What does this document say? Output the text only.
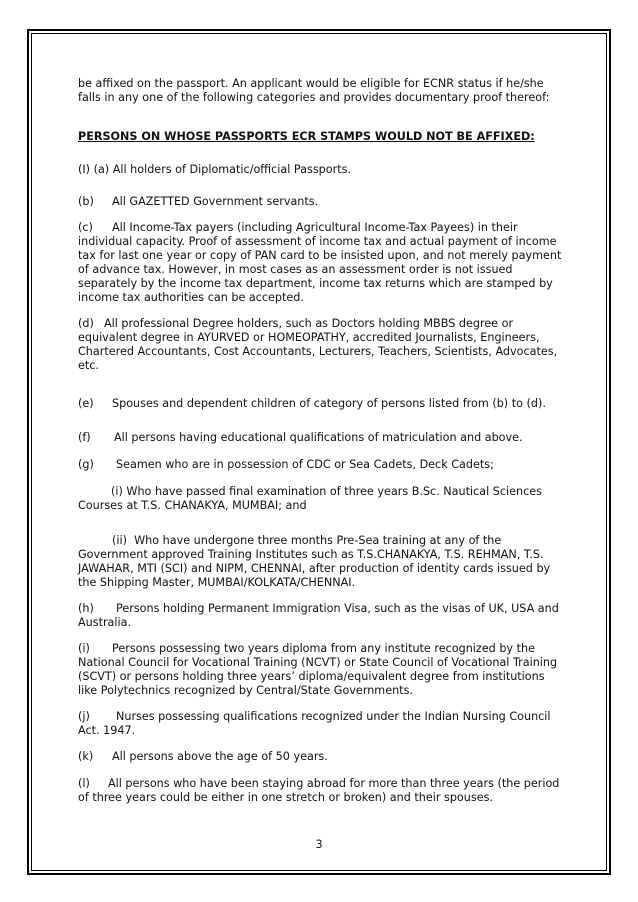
be affixed on the passport. An applicant would be eligible for ECNR status if he/she falls in any one of the following categories and provides documentary proof thereof:

PERSONS ON WHOSE PASSPORTS ECR STAMPS WOULD NOT BE AFFIXED:

(I) (a) All holders of Diplomatic/official Passports.

(b) All GAZETTED Government servants.

(c) All Income-Tax payers (including Agricultural Income-Tax Payees) in their individual capacity. Proof of assessment of income tax and actual payment of income tax for last one year or copy of PAN card to be insisted upon, and not merely payment of advance tax. However, in most cases as an assessment order is not issued separately by the income tax department, income tax returns which are stamped by income tax authorities can be accepted.

(d) All professional Degree holders, such as Doctors holding MBBS degree or equivalent degree in AYURVED or HOMEOPATHY, accredited Journalists, Engineers, Chartered Accountants, Cost Accountants, Lecturers, Teachers, Scientists, Advocates, etc.

(e) Spouses and dependent children of category of persons listed from (b) to (d).

(f) All persons having educational qualifications of matriculation and above.

(g) Seamen who are in possession of CDC or Sea Cadets, Deck Cadets;

(i) Who have passed final examination of three years B.Sc. Nautical Sciences Courses at T.S. CHANAKYA, MUMBAI; and

(ii) Who have undergone three months Pre-Sea training at any of the Government approved Training Institutes such as T.S.CHANAKYA, T.S. REHMAN, T.S. JAWAHAR, MTI (SCI) and NIPM, CHENNAI, after production of identity cards issued by the Shipping Master, MUMBAI/KOLKATA/CHENNAI.

(h) Persons holding Permanent Immigration Visa, such as the visas of UK, USA and Australia.

(i) Persons possessing two years diploma from any institute recognized by the National Council for Vocational Training (NCVT) or State Council of Vocational Training (SCVT) or persons holding three years’ diploma/equivalent degree from institutions like Polytechnics recognized by Central/State Governments.

(j) Nurses possessing qualifications recognized under the Indian Nursing Council Act. 1947.

(k) All persons above the age of 50 years.

(l) All persons who have been staying abroad for more than three years (the period of three years could be either in one stretch or broken) and their spouses.

3
